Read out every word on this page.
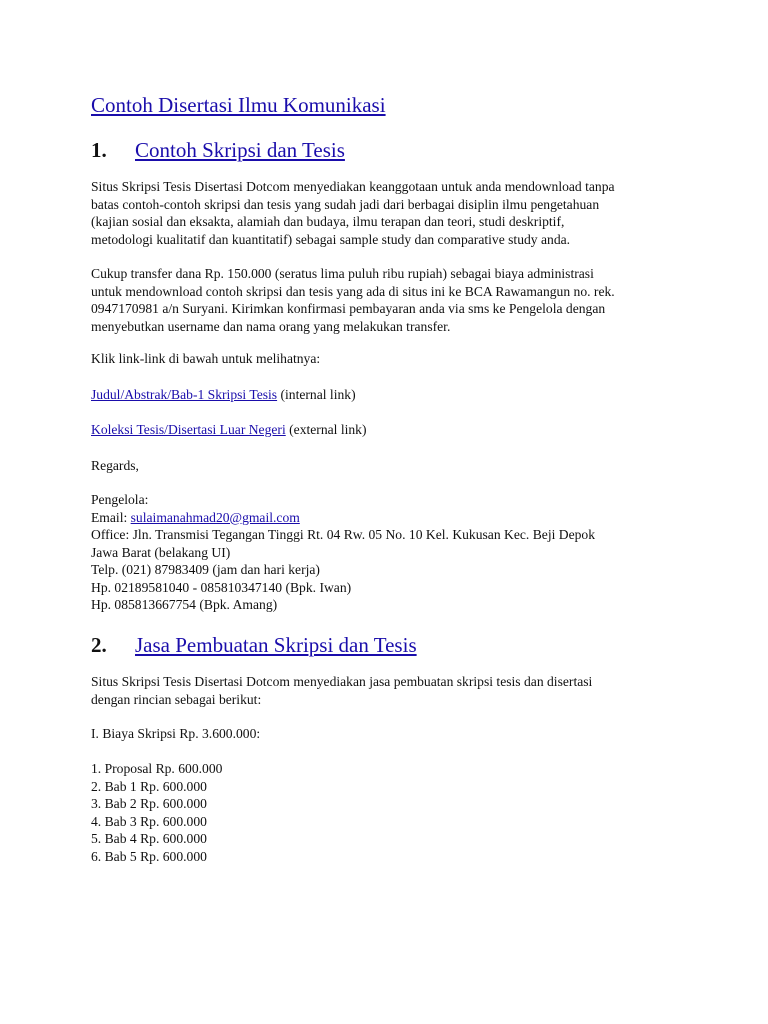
Contoh Disertasi Ilmu Komunikasi
1. Contoh Skripsi dan Tesis
Situs Skripsi Tesis Disertasi Dotcom menyediakan keanggotaan untuk anda mendownload tanpa
batas contoh-contoh skripsi dan tesis yang sudah jadi dari berbagai disiplin ilmu pengetahuan
(kajian sosial dan eksakta, alamiah dan budaya, ilmu terapan dan teori, studi deskriptif,
metodologi kualitatif dan kuantitatif) sebagai sample study dan comparative study anda.
Cukup transfer dana Rp. 150.000 (seratus lima puluh ribu rupiah) sebagai biaya administrasi
untuk mendownload contoh skripsi dan tesis yang ada di situs ini ke BCA Rawamangun no. rek.
0947170981 a/n Suryani. Kirimkan konfirmasi pembayaran anda via sms ke Pengelola dengan
menyebutkan username dan nama orang yang melakukan transfer.
Klik link-link di bawah untuk melihatnya:
Judul/Abstrak/Bab-1 Skripsi Tesis (internal link)
Koleksi Tesis/Disertasi Luar Negeri (external link)
Regards,
Pengelola:
Email: sulaimanahmad20@gmail.com
Office: Jln. Transmisi Tegangan Tinggi Rt. 04 Rw. 05 No. 10 Kel. Kukusan Kec. Beji Depok
Jawa Barat (belakang UI)
Telp. (021) 87983409 (jam dan hari kerja)
Hp. 02189581040 - 085810347140 (Bpk. Iwan)
Hp. 085813667754 (Bpk. Amang)
2. Jasa Pembuatan Skripsi dan Tesis
Situs Skripsi Tesis Disertasi Dotcom menyediakan jasa pembuatan skripsi tesis dan disertasi
dengan rincian sebagai berikut:
I. Biaya Skripsi Rp. 3.600.000:
1. Proposal Rp. 600.000
2. Bab 1 Rp. 600.000
3. Bab 2 Rp. 600.000
4. Bab 3 Rp. 600.000
5. Bab 4 Rp. 600.000
6. Bab 5 Rp. 600.000
